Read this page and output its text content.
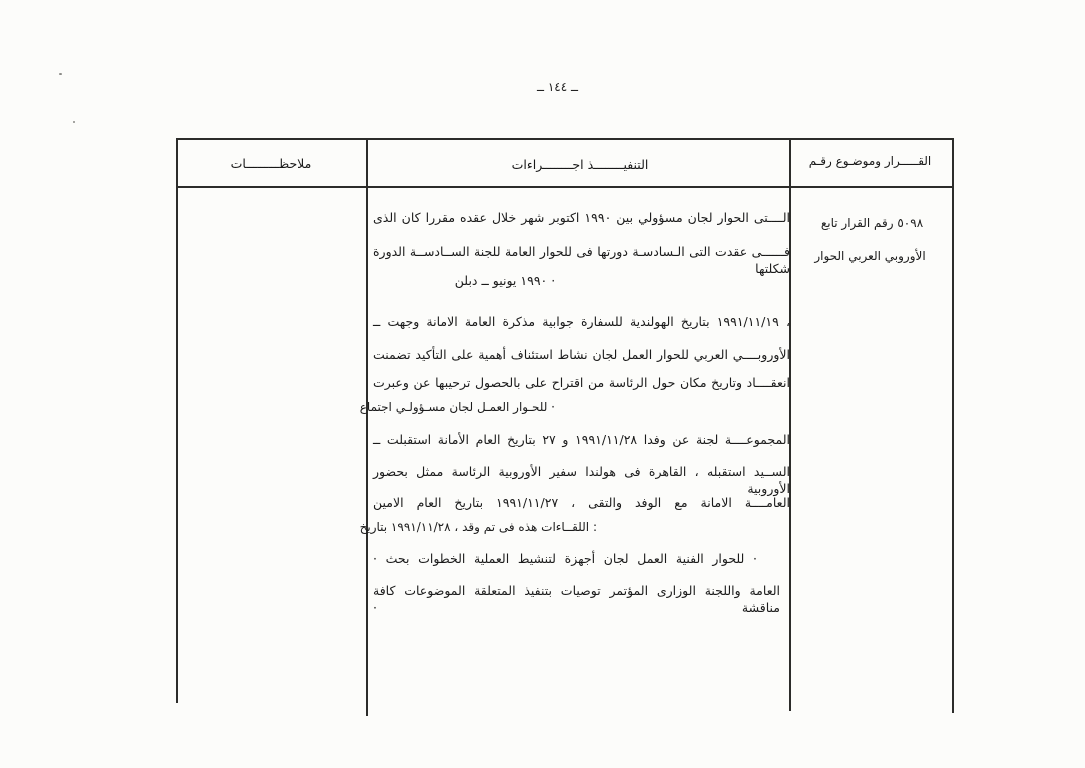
ــ ١٤٤ ــ
ملاحظـــــــــات	التنفيــــــــذ اجــــــــراءات	القـــــرار وموضـوع رقـم
٥٠٩٨ رقم القرار تابع
الأوروبي العربي الحوار
الــــتى الحوار لجان مسؤولي بين ١٩٩٠ اكتوبر شهر خلال عقده مقررا كان الذى
فــــــى عقدت التى الـسادسـة دورتها فى للحوار العامة للجنة الســادســة الدورة شكلتها
· ١٩٩٠ يونيو ــ دبلن
، ١٩٩١/١١/١٩ بتاريخ الهولندية للسفارة جوابية مذكرة العامة الامانة وجهت ــ
الأوروبــــي العربي للحوار العمل لجان نشاط استئناف أهمية على التأكيد تضمنت
انعقــــاد وتاريخ مكان حول الرئاسة من اقتراح على بالحصول ترحيبها عن وعبرت
· للحـوار العمـل لجان مسـؤولـي اجتماع
المجموعــــة لجنة عن وفدا ١٩٩١/١١/٢٨ و ٢٧ بتاريخ العام الأمانة استقبلت ــ
الســيد استقبله ، القاهرة فى هولندا سفير الأوروبية الرئاسة ممثل بحضور الأوروبية
العامــــة الامانة مع الوفد والتقى ، ١٩٩١/١١/٢٧ بتاريخ العام الامين
: اللقــاءات هذه فى تم وقد ، ١٩٩١/١١/٢٨ بتاريخ
· للحوار الفنية العمل لجان أجهزة لتنشيط العملية الخطوات بحث ·
العامة واللجنة الوزارى المؤتمر توصيات بتنفيذ المتعلقة الموضوعات كافة مناقشة ·
